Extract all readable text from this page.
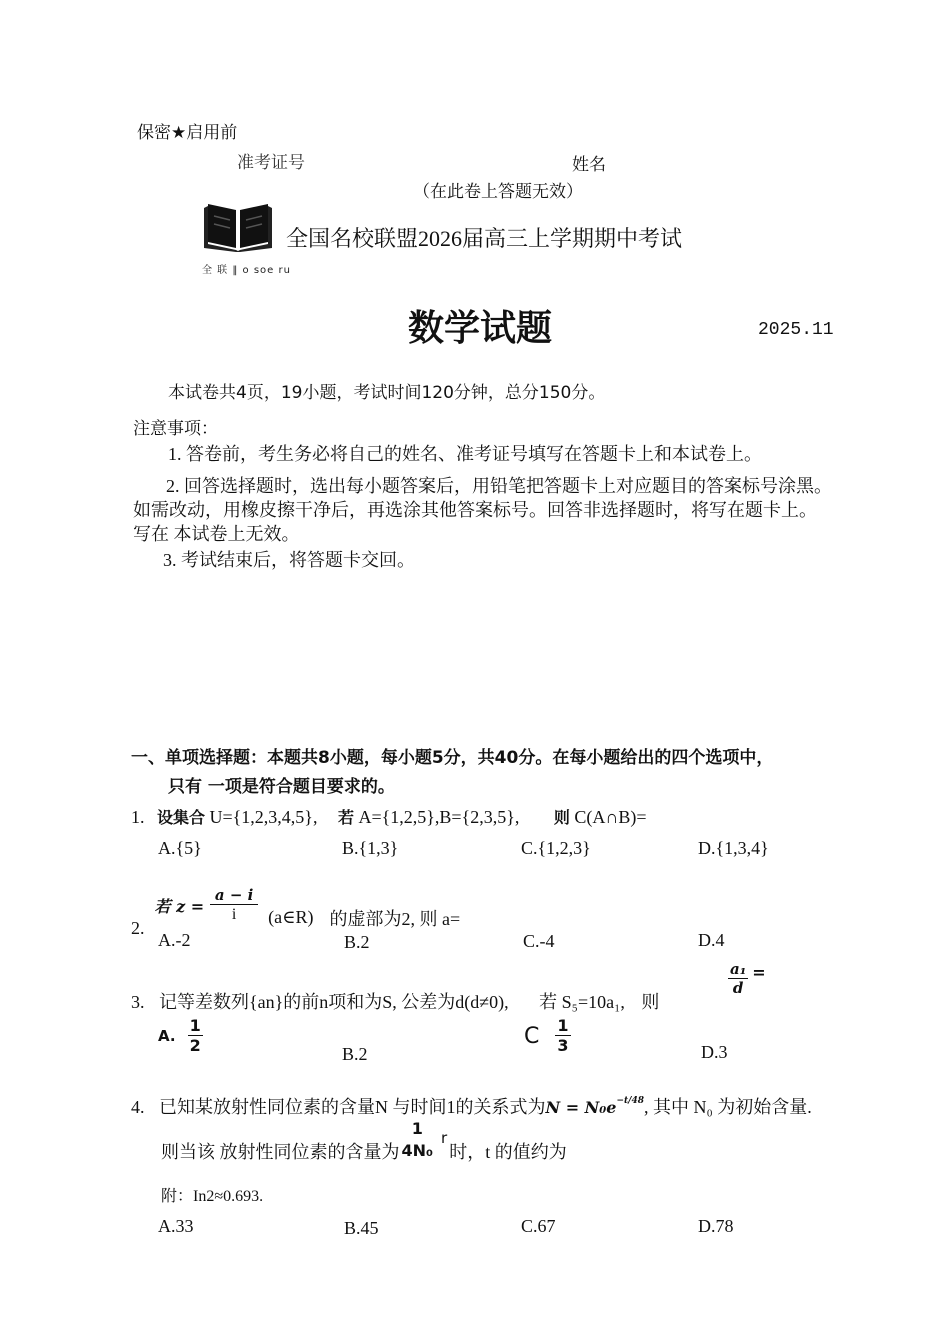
保密★启用前
准考证号	姓名
（在此卷上答题无效）
全 联 ‖ o soe ru
全国名校联盟2026届高三上学期期中考试
数学试题	2025.11
本试卷共4页，19小题，考试时间120分钟，总分150分。
注意事项：
1. 答卷前，考生务必将自己的姓名、准考证号填写在答题卡上和本试卷上。
2. 回答选择题时，选出每小题答案后，用铅笔把答题卡上对应题目的答案标号涂黑。 如需改动，用橡皮擦干净后，再选涂其他答案标号。回答非选择题时，将写在题卡上。写在 本试卷上无效。
3. 考试结束后，将答题卡交回。
一、单项选择题：本题共8小题，每小题5分，共40分。在每小题给出的四个选项中，
只有 一项是符合题目要求的。
1. 设集合 U={1,2,3,4,5}, 若 A={1,2,5},B={2,3,5}, 则 C(A∩B)=
A.{5}	B.{1,3}	C.{1,2,3}	D.{1,3,4}
2.
若 $z = \frac{a - i}{i}$ (a∈R) 的虚部为2, 则 a=
A.-2	B.2	C.-4	D.4
3. 记等差数列{an}的前n项和为S, 公差为d(d≠0), 若 S₅=10a₁, 则
$\frac{\text{a₁}}{d}$ =
A. $\frac{1}{2}$	B.2
C $\frac{1}{3}$	D.3
4. 已知某放射性同位素的含量N 与时间1的关系式为$N = N_0e^{-t/48}$, 其中 N₀ 为初始含量.
则当该 放射性同位素的含量为
1
4N₀
r
时，t 的值约为
附：In2≈0.693.
A.33	B.45	C.67	D.78
